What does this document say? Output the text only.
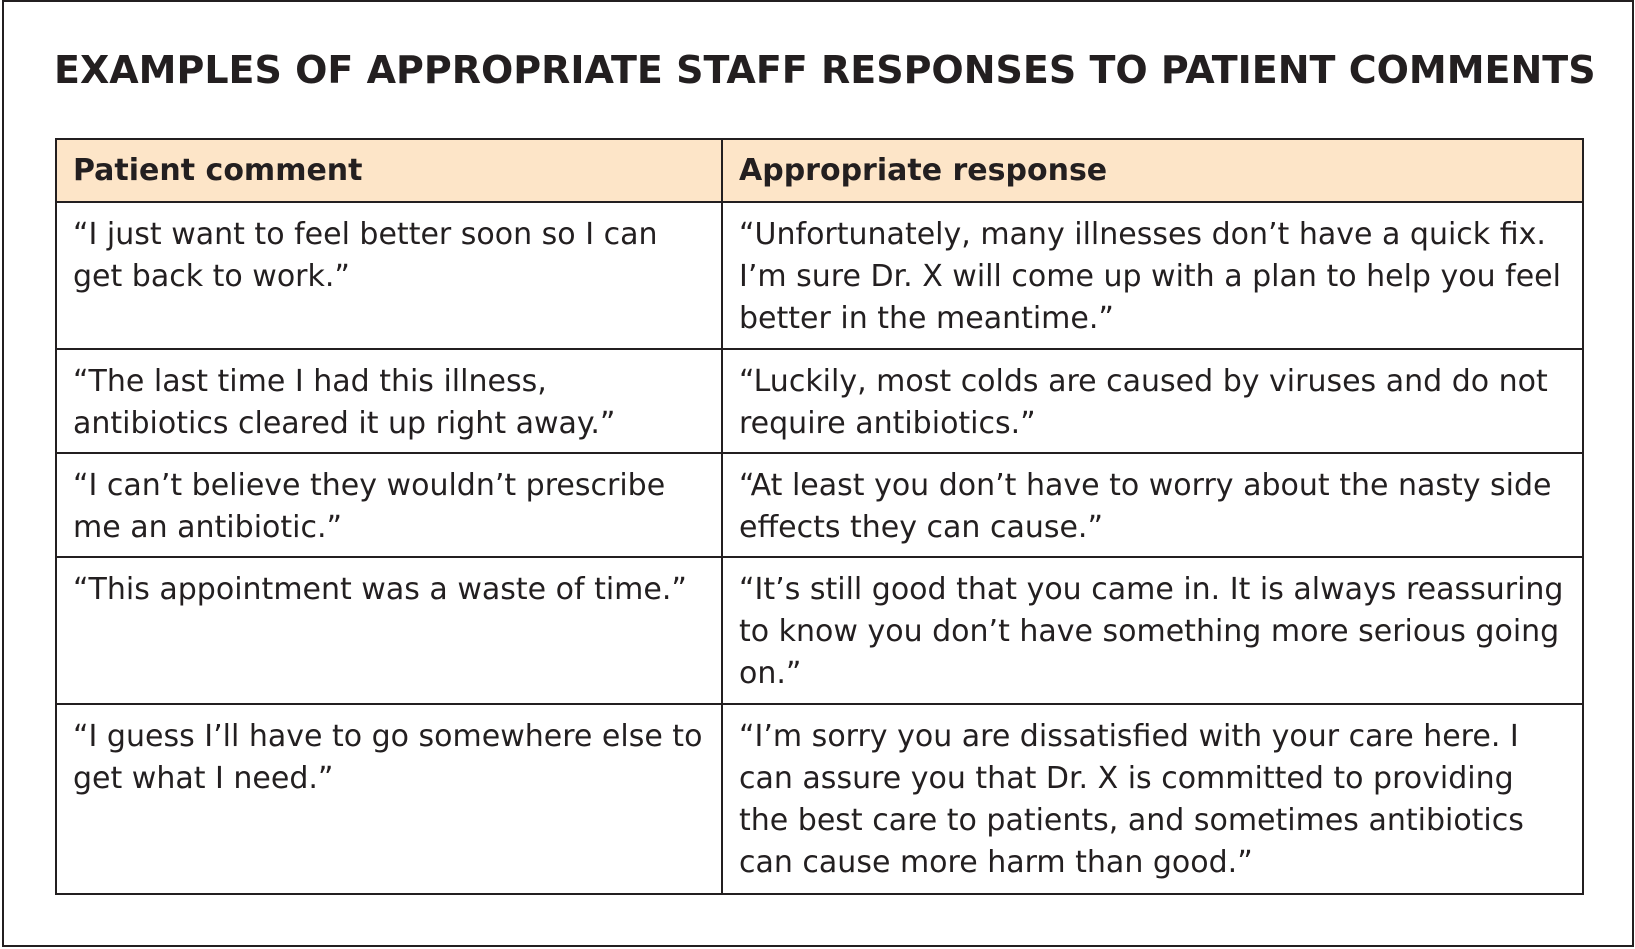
EXAMPLES OF APPROPRIATE STAFF RESPONSES TO PATIENT COMMENTS
Patient comment	Appropriate response
“I just want to feel better soon so I can get back to work.”	“Unfortunately, many illnesses don’t have a quick fix. I’m sure Dr. X will come up with a plan to help you feel better in the meantime.”
“The last time I had this illness, antibiotics cleared it up right away.”	“Luckily, most colds are caused by viruses and do not require antibiotics.”
“I can’t believe they wouldn’t prescribe me an antibiotic.”	“At least you don’t have to worry about the nasty side effects they can cause.”
“This appointment was a waste of time.”	“It’s still good that you came in. It is always reassuring to know you don’t have something more serious going on.”
“I guess I’ll have to go somewhere else to get what I need.”	“I’m sorry you are dissatisfied with your care here. I can assure you that Dr. X is committed to providing the best care to patients, and sometimes antibiotics can cause more harm than good.”
